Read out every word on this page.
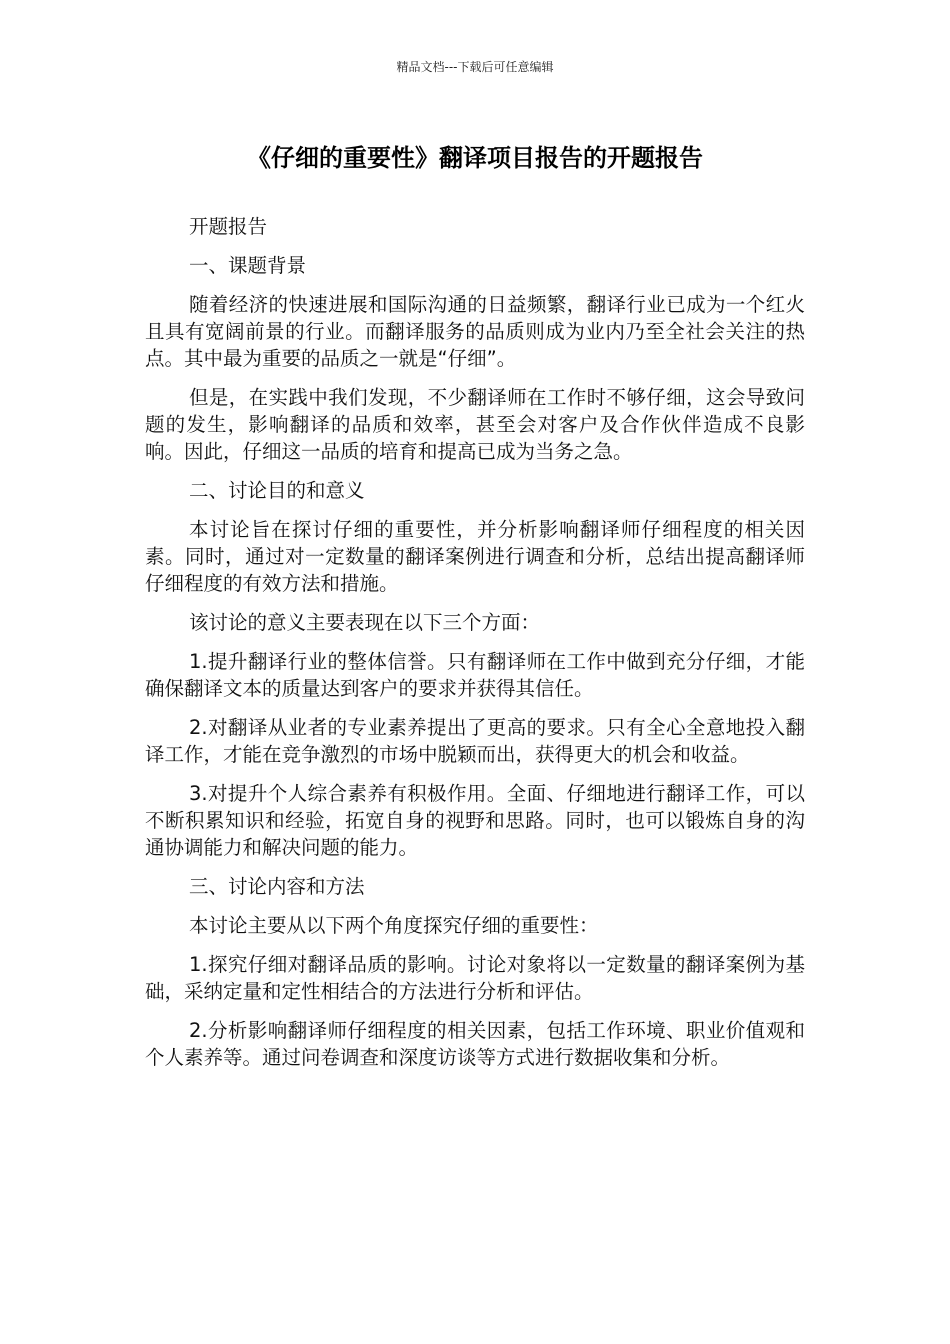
精品文档---下载后可任意编辑
《仔细的重要性》翻译项目报告的开题报告

开题报告

一、课题背景

随着经济的快速进展和国际沟通的日益频繁，翻译行业已成为一个红火且具有宽阔前景的行业。而翻译服务的品质则成为业内乃至全社会关注的热点。其中最为重要的品质之一就是“仔细”。

但是，在实践中我们发现，不少翻译师在工作时不够仔细，这会导致问题的发生，影响翻译的品质和效率，甚至会对客户及合作伙伴造成不良影响。因此，仔细这一品质的培育和提高已成为当务之急。

二、讨论目的和意义

本讨论旨在探讨仔细的重要性，并分析影响翻译师仔细程度的相关因素。同时，通过对一定数量的翻译案例进行调查和分析，总结出提高翻译师仔细程度的有效方法和措施。

该讨论的意义主要表现在以下三个方面：

1.提升翻译行业的整体信誉。只有翻译师在工作中做到充分仔细，才能确保翻译文本的质量达到客户的要求并获得其信任。

2.对翻译从业者的专业素养提出了更高的要求。只有全心全意地投入翻译工作，才能在竞争激烈的市场中脱颖而出，获得更大的机会和收益。

3.对提升个人综合素养有积极作用。全面、仔细地进行翻译工作，可以不断积累知识和经验，拓宽自身的视野和思路。同时，也可以锻炼自身的沟通协调能力和解决问题的能力。

三、讨论内容和方法

本讨论主要从以下两个角度探究仔细的重要性：

1.探究仔细对翻译品质的影响。讨论对象将以一定数量的翻译案例为基础，采纳定量和定性相结合的方法进行分析和评估。

2.分析影响翻译师仔细程度的相关因素，包括工作环境、职业价值观和个人素养等。通过问卷调查和深度访谈等方式进行数据收集和分析。
